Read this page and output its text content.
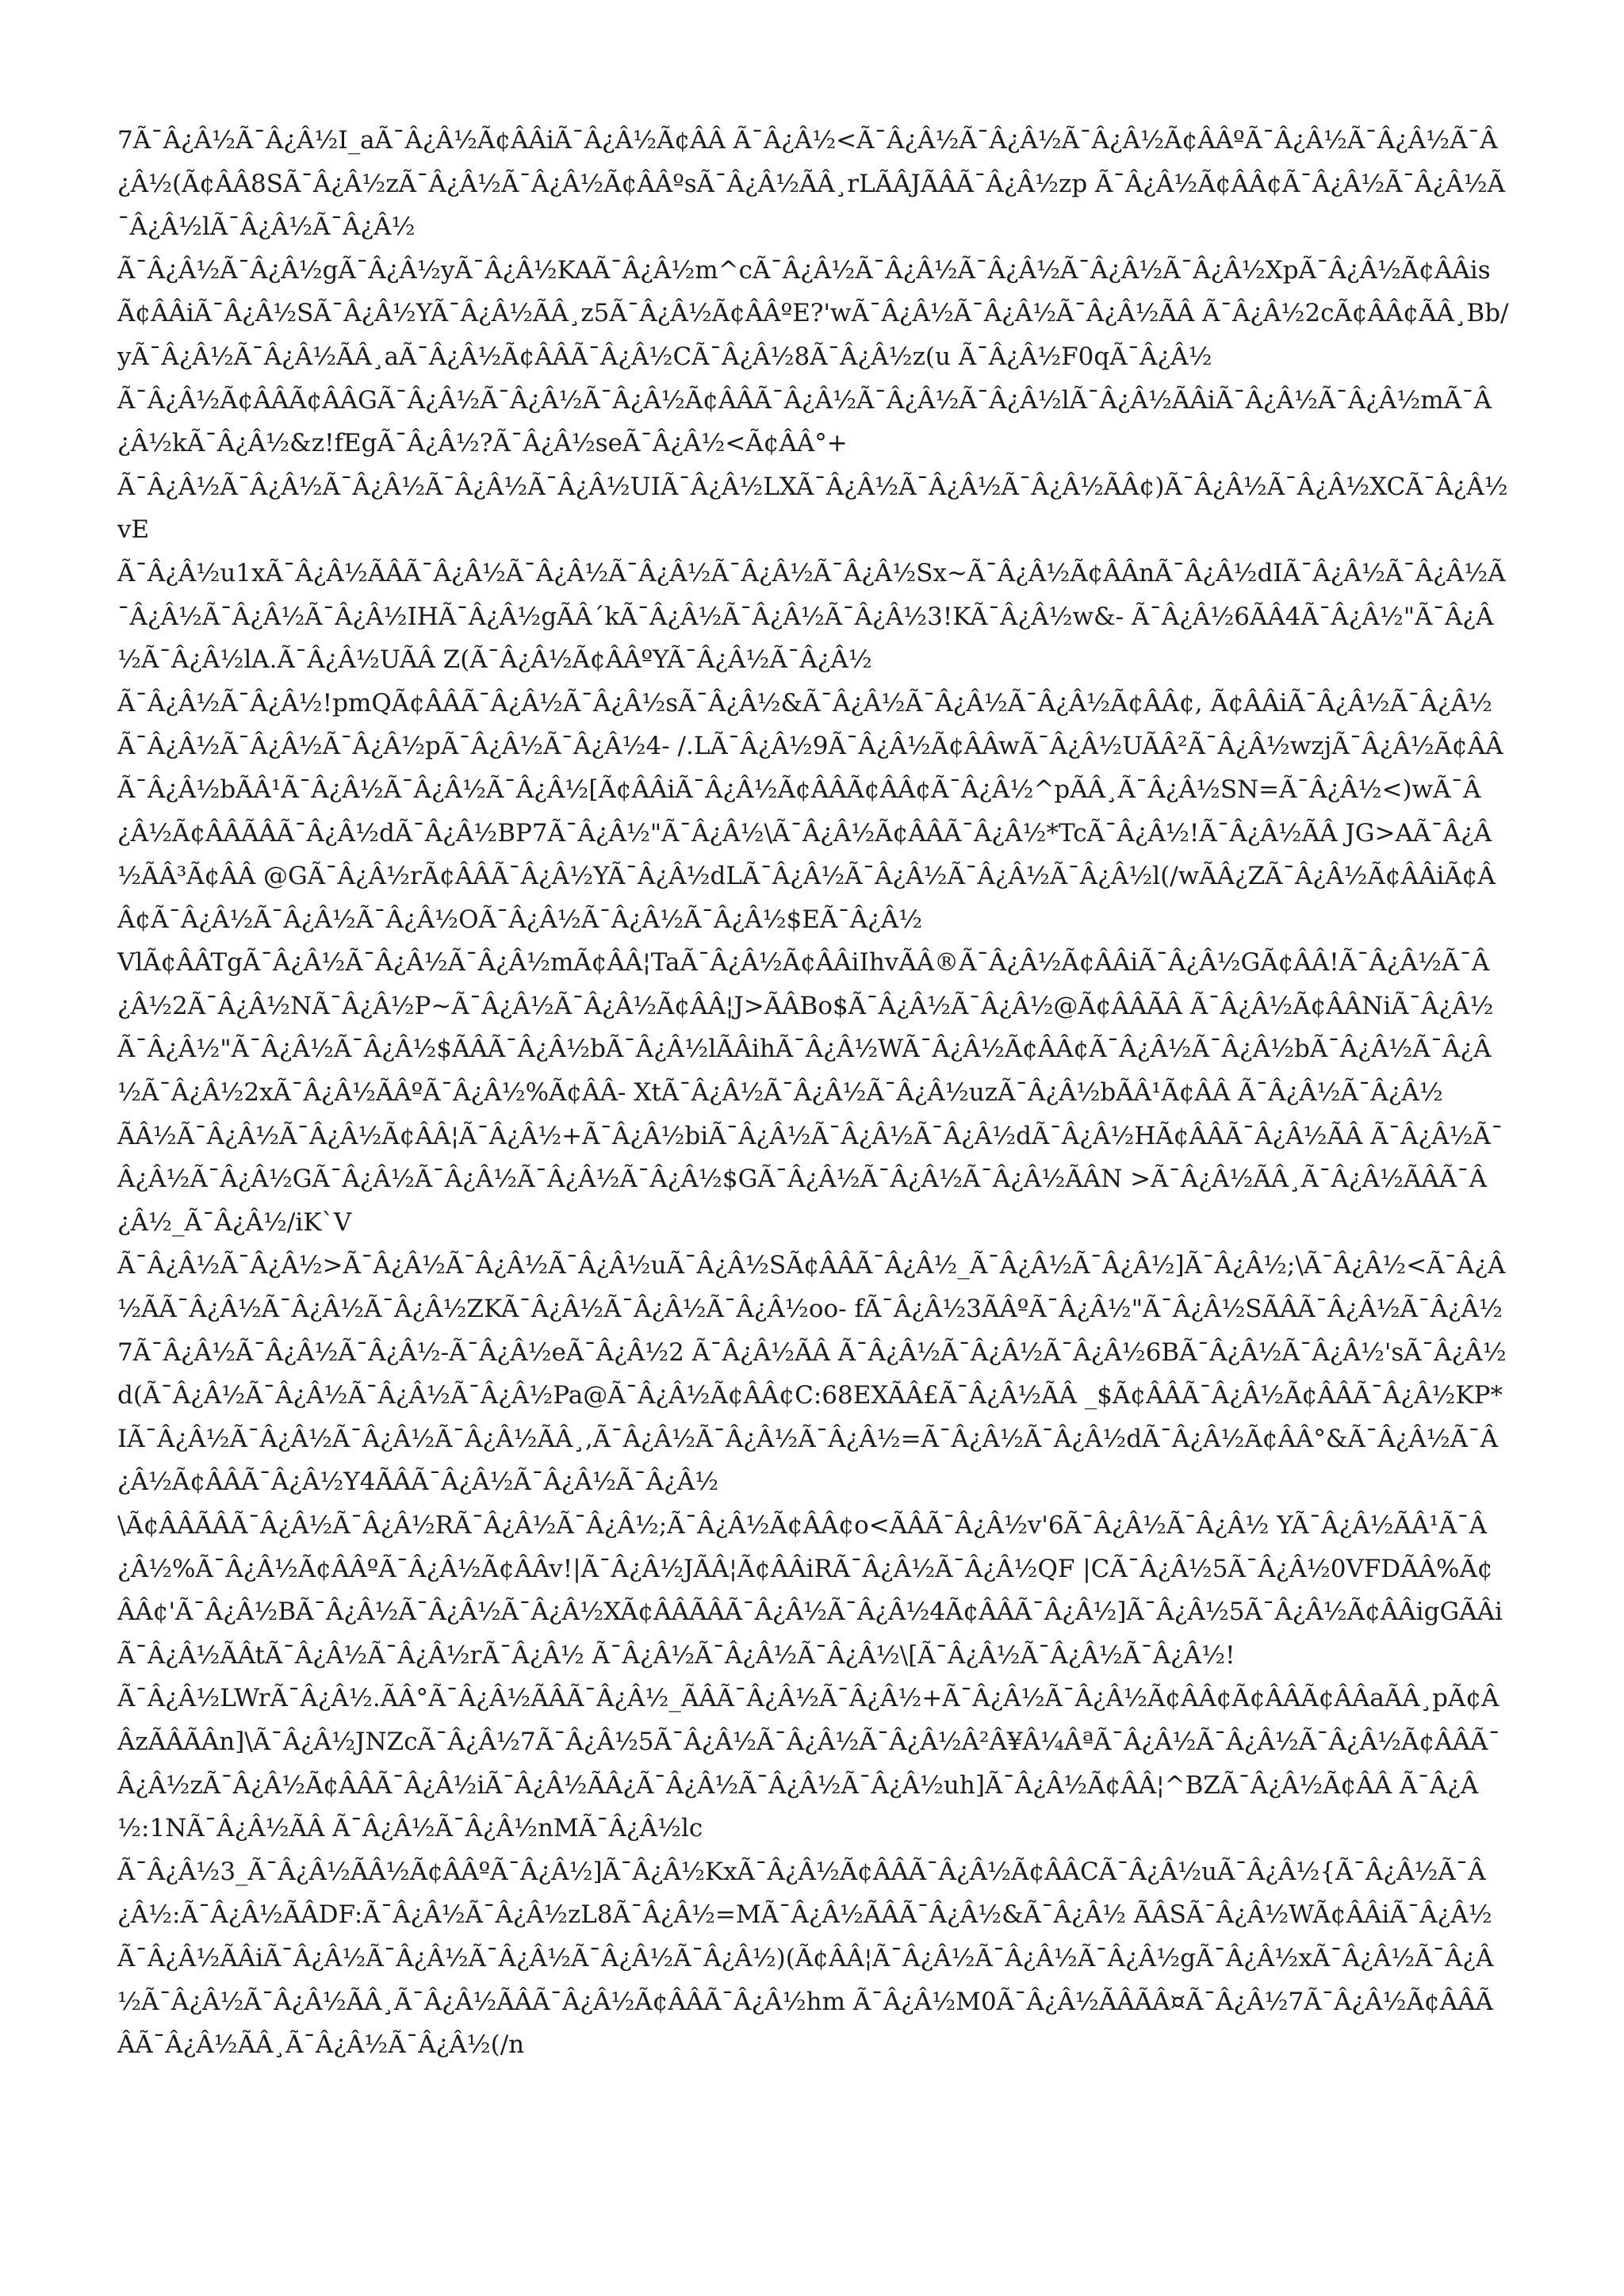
7Ã¯Â¿Â½Ã¯Â¿Â½I_aÃ¯Â¿Â½Ã¢ÂÂiÃ¯Â¿Â½Ã¢ÂÂ Ã¯Â¿Â½<Ã¯Â¿Â½Ã¯Â¿Â½Ã¯Â¿Â½Ã¢ÂÂºÃ¯Â¿Â½Ã¯Â¿Â½Ã¯Â¿Â½(Ã¢ÂÂ8SÃ¯Â¿Â½zÃ¯Â¿Â½Ã¯Â¿Â½Ã¢ÂÂºsÃ¯Â¿Â½ÃÂ¸rLÃÂJÃÂÃ¯Â¿Â½zp Ã¯Â¿Â½Ã¢ÂÂ¢Ã¯Â¿Â½Ã¯Â¿Â½Ã¯Â¿Â½lÃ¯Â¿Â½Ã¯Â¿Â½

Ã¯Â¿Â½Ã¯Â¿Â½gÃ¯Â¿Â½yÃ¯Â¿Â½KAÃ¯Â¿Â½m^cÃ¯Â¿Â½Ã¯Â¿Â½Ã¯Â¿Â½Ã¯Â¿Â½Ã¯Â¿Â½XpÃ¯Â¿Â½Ã¢ÂÂisÃ¢ÂÂiÃ¯Â¿Â½SÃ¯Â¿Â½YÃ¯Â¿Â½ÃÂ¸z5Ã¯Â¿Â½Ã¢ÂÂºE?'wÃ¯Â¿Â½Ã¯Â¿Â½Ã¯Â¿Â½ÃÂ Ã¯Â¿Â½2cÃ¢ÂÂ¢ÃÂ¸Bb/yÃ¯Â¿Â½Ã¯Â¿Â½ÃÂ¸aÃ¯Â¿Â½Ã¢ÂÂÃ¯Â¿Â½CÃ¯Â¿Â½8Ã¯Â¿Â½z(u Ã¯Â¿Â½F0qÃ¯Â¿Â½

Ã¯Â¿Â½Ã¢ÂÂÃ¢ÂÂGÃ¯Â¿Â½Ã¯Â¿Â½Ã¯Â¿Â½Ã¢ÂÂÃ¯Â¿Â½Ã¯Â¿Â½Ã¯Â¿Â½lÃ¯Â¿Â½ÃÂiÃ¯Â¿Â½Ã¯Â¿Â½mÃ¯Â¿Â½kÃ¯Â¿Â½&z!fEgÃ¯Â¿Â½?Ã¯Â¿Â½seÃ¯Â¿Â½<Ã¢ÂÂ°+

Ã¯Â¿Â½Ã¯Â¿Â½Ã¯Â¿Â½Ã¯Â¿Â½Ã¯Â¿Â½UIÃ¯Â¿Â½LXÃ¯Â¿Â½Ã¯Â¿Â½Ã¯Â¿Â½ÃÂ¢)Ã¯Â¿Â½Ã¯Â¿Â½XCÃ¯Â¿Â½vE

Ã¯Â¿Â½u1xÃ¯Â¿Â½ÃÂÃ¯Â¿Â½Ã¯Â¿Â½Ã¯Â¿Â½Ã¯Â¿Â½Ã¯Â¿Â½Sx~Ã¯Â¿Â½Ã¢ÂÂnÃ¯Â¿Â½dIÃ¯Â¿Â½Ã¯Â¿Â½Ã¯Â¿Â½Ã¯Â¿Â½Ã¯Â¿Â½IHÃ¯Â¿Â½gÃÂ´kÃ¯Â¿Â½Ã¯Â¿Â½Ã¯Â¿Â½3!KÃ¯Â¿Â½w&- Ã¯Â¿Â½6ÃÂ4Ã¯Â¿Â½"Ã¯Â¿Â½Ã¯Â¿Â½lA.Ã¯Â¿Â½UÃÂ Z(Ã¯Â¿Â½Ã¢ÂÂºYÃ¯Â¿Â½Ã¯Â¿Â½

Ã¯Â¿Â½Ã¯Â¿Â½!pmQÃ¢ÂÂÃ¯Â¿Â½Ã¯Â¿Â½sÃ¯Â¿Â½&Ã¯Â¿Â½Ã¯Â¿Â½Ã¯Â¿Â½Ã¢ÂÂ¢, Ã¢ÂÂiÃ¯Â¿Â½Ã¯Â¿Â½Ã¯Â¿Â½Ã¯Â¿Â½Ã¯Â¿Â½pÃ¯Â¿Â½Ã¯Â¿Â½4- /.LÃ¯Â¿Â½9Ã¯Â¿Â½Ã¢ÂÂwÃ¯Â¿Â½UÃÂ²Ã¯Â¿Â½wzjÃ¯Â¿Â½Ã¢ÂÂÃ¯Â¿Â½bÃÂ¹Ã¯Â¿Â½Ã¯Â¿Â½Ã¯Â¿Â½[Ã¢ÂÂiÃ¯Â¿Â½Ã¢ÂÂÃ¢ÂÂ¢Ã¯Â¿Â½^pÃÂ¸Ã¯Â¿Â½SN=Ã¯Â¿Â½<)wÃ¯Â¿Â½Ã¢ÂÂÃÂÃ¯Â¿Â½dÃ¯Â¿Â½BP7Ã¯Â¿Â½"Ã¯Â¿Â½\Ã¯Â¿Â½Ã¢ÂÂÃ¯Â¿Â½*TcÃ¯Â¿Â½!Ã¯Â¿Â½ÃÂ JG>AÃ¯Â¿Â½ÃÂ³Ã¢ÂÂ @GÃ¯Â¿Â½rÃ¢ÂÂÃ¯Â¿Â½YÃ¯Â¿Â½dLÃ¯Â¿Â½Ã¯Â¿Â½Ã¯Â¿Â½Ã¯Â¿Â½l(/wÃÂ¿ZÃ¯Â¿Â½Ã¢ÂÂiÃ¢ÂÂ¢Ã¯Â¿Â½Ã¯Â¿Â½Ã¯Â¿Â½OÃ¯Â¿Â½Ã¯Â¿Â½Ã¯Â¿Â½$EÃ¯Â¿Â½

VlÃ¢ÂÂTgÃ¯Â¿Â½Ã¯Â¿Â½Ã¯Â¿Â½mÃ¢ÂÂ¦TaÃ¯Â¿Â½Ã¢ÂÂiIhvÃÂ®Ã¯Â¿Â½Ã¢ÂÂiÃ¯Â¿Â½GÃ¢ÂÂ!Ã¯Â¿Â½Ã¯Â¿Â½2Ã¯Â¿Â½NÃ¯Â¿Â½P~Ã¯Â¿Â½Ã¯Â¿Â½Ã¢ÂÂ¦J>ÃÂBo$Ã¯Â¿Â½Ã¯Â¿Â½@Ã¢ÂÂÃÂ Ã¯Â¿Â½Ã¢ÂÂNiÃ¯Â¿Â½Ã¯Â¿Â½"Ã¯Â¿Â½Ã¯Â¿Â½$ÃÂÃ¯Â¿Â½bÃ¯Â¿Â½lÃÂihÃ¯Â¿Â½WÃ¯Â¿Â½Ã¢ÂÂ¢Ã¯Â¿Â½Ã¯Â¿Â½bÃ¯Â¿Â½Ã¯Â¿Â½Ã¯Â¿Â½2xÃ¯Â¿Â½ÃÂºÃ¯Â¿Â½%Ã¢ÂÂ- XtÃ¯Â¿Â½Ã¯Â¿Â½Ã¯Â¿Â½uzÃ¯Â¿Â½bÃÂ¹Ã¢ÂÂ Ã¯Â¿Â½Ã¯Â¿Â½

ÃÂ½Ã¯Â¿Â½Ã¯Â¿Â½Ã¢ÂÂ¦Ã¯Â¿Â½+Ã¯Â¿Â½biÃ¯Â¿Â½Ã¯Â¿Â½Ã¯Â¿Â½dÃ¯Â¿Â½HÃ¢ÂÂÃ¯Â¿Â½ÃÂ Ã¯Â¿Â½Ã¯Â¿Â½Ã¯Â¿Â½GÃ¯Â¿Â½Ã¯Â¿Â½Ã¯Â¿Â½Ã¯Â¿Â½$GÃ¯Â¿Â½Ã¯Â¿Â½Ã¯Â¿Â½ÃÂN >Ã¯Â¿Â½ÃÂ¸Ã¯Â¿Â½ÃÂÃ¯Â¿Â½_Ã¯Â¿Â½/iK`V

Ã¯Â¿Â½Ã¯Â¿Â½>Ã¯Â¿Â½Ã¯Â¿Â½Ã¯Â¿Â½uÃ¯Â¿Â½SÃ¢ÂÂÃ¯Â¿Â½_Ã¯Â¿Â½Ã¯Â¿Â½]Ã¯Â¿Â½;\Ã¯Â¿Â½<Ã¯Â¿Â½ÃÃ¯Â¿Â½Ã¯Â¿Â½Ã¯Â¿Â½ZKÃ¯Â¿Â½Ã¯Â¿Â½Ã¯Â¿Â½oo- fÃ¯Â¿Â½3ÃÂºÃ¯Â¿Â½"Ã¯Â¿Â½SÃÂÃ¯Â¿Â½Ã¯Â¿Â½7Ã¯Â¿Â½Ã¯Â¿Â½Ã¯Â¿Â½-Ã¯Â¿Â½eÃ¯Â¿Â½2 Ã¯Â¿Â½ÃÂ Ã¯Â¿Â½Ã¯Â¿Â½Ã¯Â¿Â½6BÃ¯Â¿Â½Ã¯Â¿Â½'sÃ¯Â¿Â½d(Ã¯Â¿Â½Ã¯Â¿Â½Ã¯Â¿Â½Ã¯Â¿Â½Pa@Ã¯Â¿Â½Ã¢ÂÂ¢C:68EXÃÂ£Ã¯Â¿Â½ÃÂ _$Ã¢ÂÂÃ¯Â¿Â½Ã¢ÂÂÃ¯Â¿Â½KP*IÃ¯Â¿Â½Ã¯Â¿Â½Ã¯Â¿Â½Ã¯Â¿Â½ÃÂ¸,Ã¯Â¿Â½Ã¯Â¿Â½Ã¯Â¿Â½=Ã¯Â¿Â½Ã¯Â¿Â½dÃ¯Â¿Â½Ã¢ÂÂ°&Ã¯Â¿Â½Ã¯Â¿Â½Ã¢ÂÂÃ¯Â¿Â½Y4ÃÂÃ¯Â¿Â½Ã¯Â¿Â½Ã¯Â¿Â½

\Ã¢ÂÂÃÂÃ¯Â¿Â½Ã¯Â¿Â½RÃ¯Â¿Â½Ã¯Â¿Â½;Ã¯Â¿Â½Ã¢ÂÂ¢o<ÃÂÃ¯Â¿Â½v'6Ã¯Â¿Â½Ã¯Â¿Â½ YÃ¯Â¿Â½ÃÂ¹Ã¯Â¿Â½%Ã¯Â¿Â½Ã¢ÂÂºÃ¯Â¿Â½Ã¢ÂÂv!|Ã¯Â¿Â½JÃÂ¦Ã¢ÂÂiRÃ¯Â¿Â½Ã¯Â¿Â½QF |CÃ¯Â¿Â½5Ã¯Â¿Â½0VFDÃÂ%Ã¢ÂÂ¢'Ã¯Â¿Â½BÃ¯Â¿Â½Ã¯Â¿Â½Ã¯Â¿Â½XÃ¢ÂÂÃÂÃ¯Â¿Â½Ã¯Â¿Â½4Ã¢ÂÂÃ¯Â¿Â½]Ã¯Â¿Â½5Ã¯Â¿Â½Ã¢ÂÂigGÃÂiÃ¯Â¿Â½ÃÂtÃ¯Â¿Â½Ã¯Â¿Â½rÃ¯Â¿Â½ Ã¯Â¿Â½Ã¯Â¿Â½Ã¯Â¿Â½\[Ã¯Â¿Â½Ã¯Â¿Â½Ã¯Â¿Â½!

Ã¯Â¿Â½LWrÃ¯Â¿Â½.ÃÂ°Ã¯Â¿Â½ÃÂÃ¯Â¿Â½_ÃÂÃ¯Â¿Â½Ã¯Â¿Â½+Ã¯Â¿Â½Ã¯Â¿Â½Ã¢ÂÂ¢Ã¢ÂÂÃ¢ÂÂaÃÂ¸pÃ¢ÂÂzÃÂÃÂn]\Ã¯Â¿Â½JNZcÃ¯Â¿Â½7Ã¯Â¿Â½5Ã¯Â¿Â½Ã¯Â¿Â½Ã¯Â¿Â½Â²Â¥Â¼ÂªÃ¯Â¿Â½Ã¯Â¿Â½Ã¯Â¿Â½Ã¢ÂÂÃ¯Â¿Â½zÃ¯Â¿Â½Ã¢ÂÂÃ¯Â¿Â½iÃ¯Â¿Â½ÃÂ¿Ã¯Â¿Â½Ã¯Â¿Â½Ã¯Â¿Â½uh]Ã¯Â¿Â½Ã¢ÂÂ¦^BZÃ¯Â¿Â½Ã¢ÂÂ Ã¯Â¿Â½:1NÃ¯Â¿Â½ÃÂ Ã¯Â¿Â½Ã¯Â¿Â½nMÃ¯Â¿Â½lc

Ã¯Â¿Â½3_Ã¯Â¿Â½ÃÂ½Ã¢ÂÂºÃ¯Â¿Â½]Ã¯Â¿Â½KxÃ¯Â¿Â½Ã¢ÂÂÃ¯Â¿Â½Ã¢ÂÂCÃ¯Â¿Â½uÃ¯Â¿Â½{Ã¯Â¿Â½Ã¯Â¿Â½:Ã¯Â¿Â½ÃÂDF:Ã¯Â¿Â½Ã¯Â¿Â½zL8Ã¯Â¿Â½=MÃ¯Â¿Â½ÃÂÃ¯Â¿Â½&Ã¯Â¿Â½ ÃÂSÃ¯Â¿Â½WÃ¢ÂÂiÃ¯Â¿Â½Ã¯Â¿Â½ÃÂiÃ¯Â¿Â½Ã¯Â¿Â½Ã¯Â¿Â½Ã¯Â¿Â½Ã¯Â¿Â½)(Ã¢ÂÂ¦Ã¯Â¿Â½Ã¯Â¿Â½Ã¯Â¿Â½gÃ¯Â¿Â½xÃ¯Â¿Â½Ã¯Â¿Â½Ã¯Â¿Â½Ã¯Â¿Â½ÃÂ¸Ã¯Â¿Â½ÃÂÃ¯Â¿Â½Ã¢ÂÂÃ¯Â¿Â½hm Ã¯Â¿Â½M0Ã¯Â¿Â½ÃÂÃÂ¤Ã¯Â¿Â½7Ã¯Â¿Â½Ã¢ÂÂÃÂÃ¯Â¿Â½ÃÂ¸Ã¯Â¿Â½Ã¯Â¿Â½(/n
